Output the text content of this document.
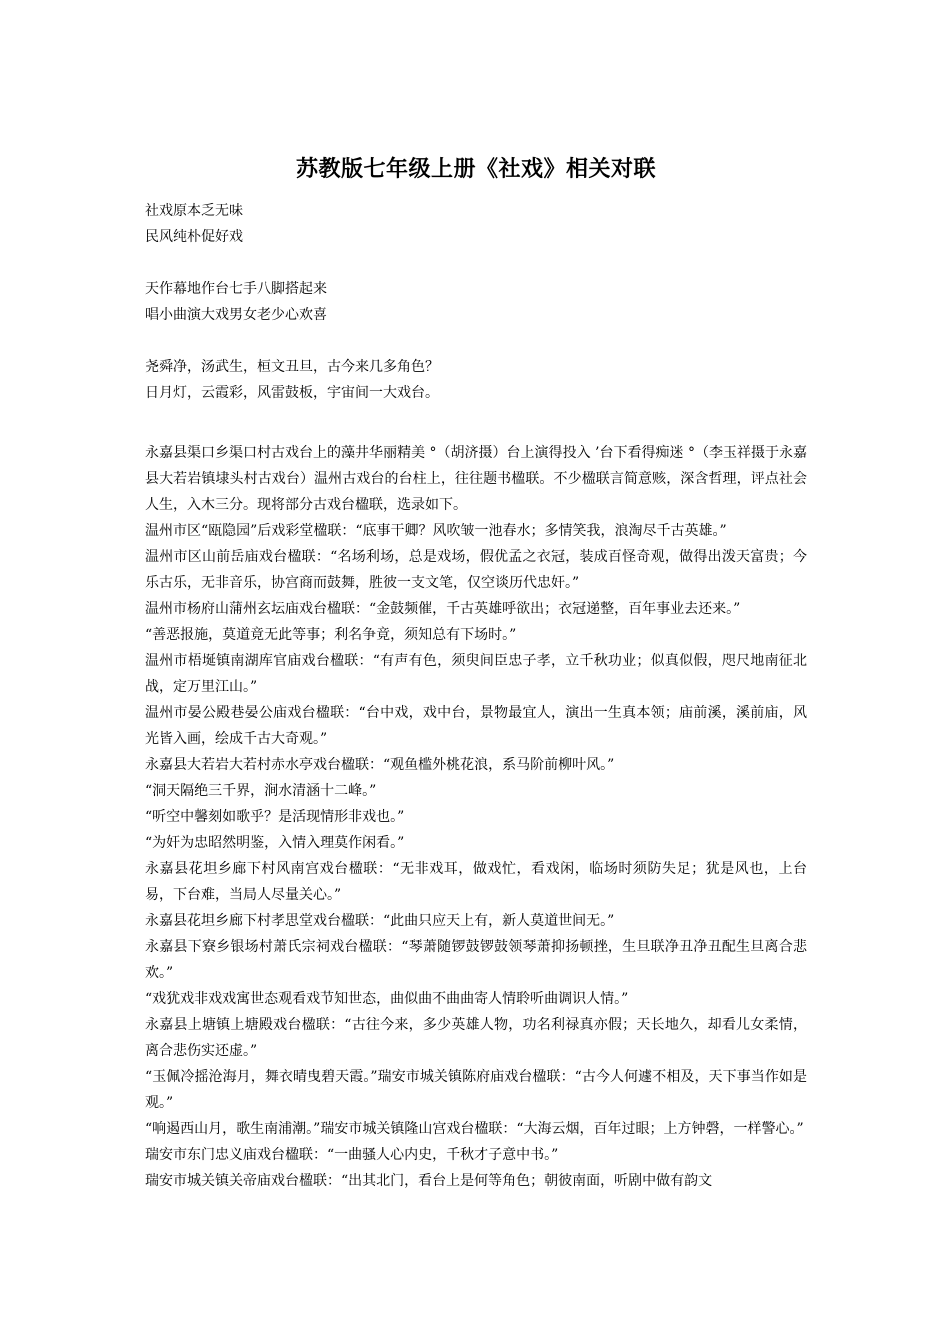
苏教版七年级上册《社戏》相关对联

社戏原本乏无味

民风纯朴促好戏

天作幕地作台七手八脚搭起来

唱小曲演大戏男女老少心欢喜

尧舜净，汤武生，桓文丑旦，古今来几多角色？

日月灯，云霞彩，风雷鼓板，宇宙间一大戏台。

永嘉县渠口乡渠口村古戏台上的藻井华丽精美 °（胡济摄）台上演得投入 ’台下看得痴迷 °（李玉祥摄于永嘉县大若岩镇埭头村古戏台）温州古戏台的台柱上，往往题书楹联。不少楹联言简意赅，深含哲理，评点社会人生，入木三分。现将部分古戏台楹联，选录如下。

温州市区“瓯隐园”后戏彩堂楹联：“底事干卿？风吹皱一池春水；多情笑我，浪淘尽千古英雄。”

温州市区山前岳庙戏台楹联：“名场利场，总是戏场，假优孟之衣冠，装成百怪奇观，做得出泼天富贵；今乐古乐，无非音乐，协宫商而鼓舞，胜彼一支文笔，仅空谈历代忠奸。”

温州市杨府山蒲州玄坛庙戏台楹联：“金鼓频催，千古英雄呼欲出；衣冠递整，百年事业去还来。”

“善恶报施，莫道竟无此等事；利名争竟，须知总有下场时。”

温州市梧埏镇南湖库官庙戏台楹联：“有声有色，须臾间臣忠子孝，立千秋功业；似真似假，咫尺地南征北战，定万里江山。”

温州市晏公殿巷晏公庙戏台楹联：“台中戏，戏中台，景物最宜人，演出一生真本领；庙前溪，溪前庙，风光皆入画，绘成千古大奇观。”

永嘉县大若岩大若村赤水亭戏台楹联：“观鱼槛外桃花浪，系马阶前柳叶风。”

“洞天隔绝三千界，涧水清涵十二峰。”

“听空中馨刻如歌乎？是活现情形非戏也。”

“为奸为忠昭然明鉴，入情入理莫作闲看。”

永嘉县花坦乡廊下村风南宫戏台楹联：“无非戏耳，做戏忙，看戏闲，临场时须防失足；犹是风也，上台易，下台难，当局人尽量关心。”

永嘉县花坦乡廊下村孝思堂戏台楹联：“此曲只应天上有，新人莫道世间无。”

永嘉县下寮乡银场村萧氏宗祠戏台楹联：“琴萧随锣鼓锣鼓领琴萧抑扬顿挫，生旦联净丑净丑配生旦离合悲欢。”

“戏犹戏非戏戏寓世态观看戏节知世态，曲似曲不曲曲寄人情聆听曲调识人情。”

永嘉县上塘镇上塘殿戏台楹联：“古往今来，多少英雄人物，功名利禄真亦假；天长地久，却看儿女柔情，离合悲伤实还虚。”

“玉佩冷摇沧海月，舞衣晴曳碧天霞。”瑞安市城关镇陈府庙戏台楹联：“古今人何遽不相及，天下事当作如是观。”

“响遏西山月，歌生南浦潮。”瑞安市城关镇隆山宫戏台楹联：“大海云烟，百年过眼；上方钟磬，一样警心。”

瑞安市东门忠义庙戏台楹联：“一曲骚人心内史，千秋才子意中书。”

瑞安市城关镇关帝庙戏台楹联：“出其北门，看台上是何等角色；朝彼南面，听剧中做有韵文
